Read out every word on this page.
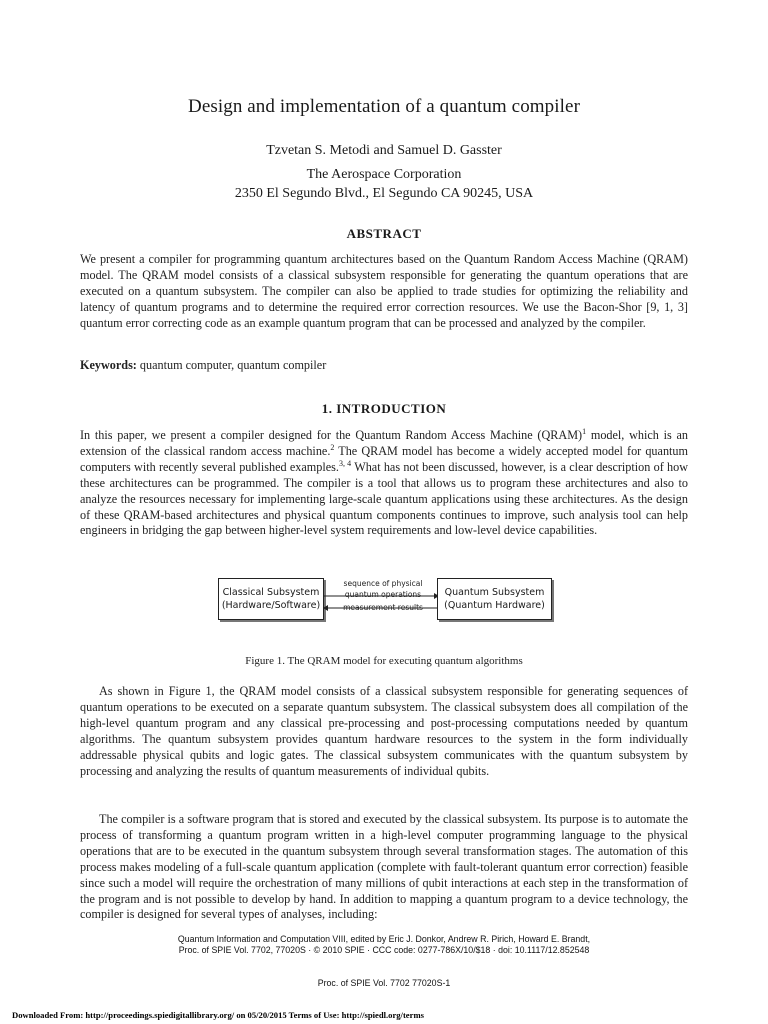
Design and implementation of a quantum compiler
Tzvetan S. Metodi and Samuel D. Gasster
The Aerospace Corporation
2350 El Segundo Blvd., El Segundo CA 90245, USA
ABSTRACT
We present a compiler for programming quantum architectures based on the Quantum Random Access Machine (QRAM) model. The QRAM model consists of a classical subsystem responsible for generating the quantum operations that are executed on a quantum subsystem. The compiler can also be applied to trade studies for optimizing the reliability and latency of quantum programs and to determine the required error correction resources. We use the Bacon-Shor [9, 1, 3] quantum error correcting code as an example quantum program that can be processed and analyzed by the compiler.
Keywords: quantum computer, quantum compiler
1. INTRODUCTION
In this paper, we present a compiler designed for the Quantum Random Access Machine (QRAM)$^1$ model, which is an extension of the classical random access machine.$^2$ The QRAM model has become a widely accepted model for quantum computers with recently several published examples.$^{3, 4}$ What has not been discussed, however, is a clear description of how these architectures can be programmed. The compiler is a tool that allows us to program these architectures and also to analyze the resources necessary for implementing large-scale quantum applications using these architectures. As the design of these QRAM-based architectures and physical quantum components continues to improve, such analysis tool can help engineers in bridging the gap between higher-level system requirements and low-level device capabilities.
Classical Subsystem
(Hardware/Software)
sequence of physical
quantum operations
measurement results
Quantum Subsystem
(Quantum Hardware)
Figure 1. The QRAM model for executing quantum algorithms
As shown in Figure 1, the QRAM model consists of a classical subsystem responsible for generating sequences of quantum operations to be executed on a separate quantum subsystem. The classical subsystem does all compilation of the high-level quantum program and any classical pre-processing and post-processing computations needed by quantum algorithms. The quantum subsystem provides quantum hardware resources to the system in the form individually addressable physical qubits and logic gates. The classical subsystem communicates with the quantum subsystem by processing and analyzing the results of quantum measurements of individual qubits.
The compiler is a software program that is stored and executed by the classical subsystem. Its purpose is to automate the process of transforming a quantum program written in a high-level computer programming language to the physical operations that are to be executed in the quantum subsystem through several transformation stages. The automation of this process makes modeling of a full-scale quantum application (complete with fault-tolerant quantum error correction) feasible since such a model will require the orchestration of many millions of qubit interactions at each step in the transformation of the program and is not possible to develop by hand. In addition to mapping a quantum program to a device technology, the compiler is designed for several types of analyses, including:
Quantum Information and Computation VIII, edited by Eric J. Donkor, Andrew R. Pirich, Howard E. Brandt,
Proc. of SPIE Vol. 7702, 77020S · © 2010 SPIE · CCC code: 0277-786X/10/$18 · doi: 10.1117/12.852548
Proc. of SPIE Vol. 7702 77020S-1
Downloaded From: http://proceedings.spiedigitallibrary.org/ on 05/20/2015 Terms of Use: http://spiedl.org/terms
